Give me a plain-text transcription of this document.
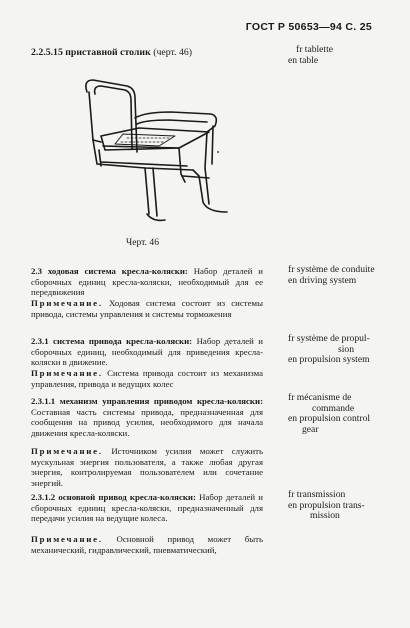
ГОСТ Р 50653—94 С. 25
2.2.5.15 приставной столик (черт. 46)	fr tablette
en table
Черт. 46
2.3 ходовая система кресла-коляски: Набор деталей и сборочных единиц кресла-коляски, необходимый для ее передвижения
Примечание. Ходовая система состоит из системы привода, системы управления и системы торможения
fr système de conduite
en driving system
2.3.1 система привода кресла-коляски: Набор деталей и сборочных единиц, необходимый для приведения кресла-коляски в движение.
Примечание. Система привода состоит из механизма управления, привода и ведущих колес
fr système de propul-
sion
en propulsion system
2.3.1.1 механизм управления приводом кресла-коляски: Составная часть системы привода, предназначенная для сообщения на привод усилия, необходимого для начала движения кресла-коляски.
Примечание. Источником усилия может служить мускульная энергия пользователя, а также любая другая энергия, контролируемая пользователем или сочетание энергий.
fr mécanisme de
commande
en propulsion control
gear
2.3.1.2 основной привод кресла-коляски: Набор деталей и сборочных единиц кресла-коляски, предназначенный для передачи усилия на ведущие колеса.
Примечание. Основной привод может быть механический, гидравлический, пневматический,
fr transmission
en propulsion trans-
mission
